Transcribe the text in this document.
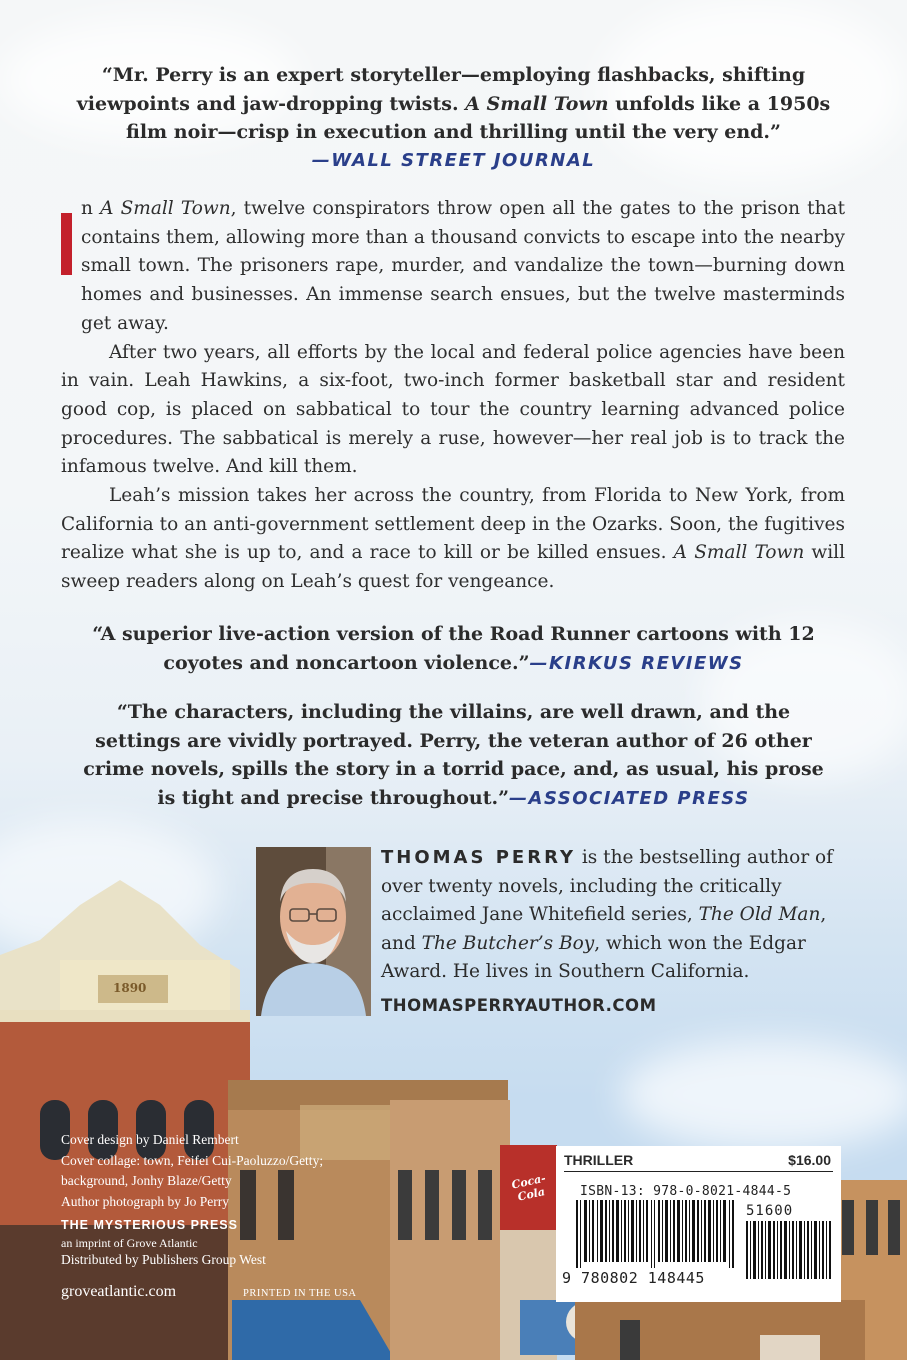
1890
Coca-Cola
“Mr. Perry is an expert storyteller—employing flashbacks, shifting
viewpoints and jaw-dropping twists. A Small Town unfolds like a 1950s
film noir—crisp in execution and thrilling until the very end.”
—WALL STREET JOURNAL

n A Small Town, twelve conspirators throw open all the gates to the prison that contains them, allowing more than a thousand convicts to escape into the nearby small town. The prisoners rape, murder, and vandalize the town—burning down homes and businesses. An immense search ensues, but the twelve masterminds get away.

After two years, all efforts by the local and federal police agencies have been in vain. Leah Hawkins, a six-foot, two-inch former basketball star and resident good cop, is placed on sabbatical to tour the country learning advanced police procedures. The sabbatical is merely a ruse, however—her real job is to track the infamous twelve. And kill them.

Leah’s mission takes her across the country, from Florida to New York, from California to an anti-government settlement deep in the Ozarks. Soon, the fugitives realize what she is up to, and a race to kill or be killed ensues. A Small Town will sweep readers along on Leah’s quest for vengeance.

“A superior live-action version of the Road Runner cartoons with 12
coyotes and noncartoon violence.”—KIRKUS REVIEWS
“The characters, including the villains, are well drawn, and the
settings are vividly portrayed. Perry, the veteran author of 26 other
crime novels, spills the story in a torrid pace, and, as usual, his prose
is tight and precise throughout.”—ASSOCIATED PRESS
THOMAS PERRY is the bestselling author of over twenty novels, including the critically acclaimed Jane Whitefield series, The Old Man, and The Butcher’s Boy, which won the Edgar Award. He lives in Southern California.
THOMASPERRYAUTHOR.COM
Cover design by Daniel Rembert
Cover collage: town, Feifei Cui-Paoluzzo/Getty;
background, Jonhy Blaze/Getty
Author photograph by Jo Perry
THE MYSTERIOUS PRESS
an imprint of Grove Atlantic
Distributed by Publishers Group West
groveatlantic.com	PRINTED IN THE USA
THRILLER	$16.00
ISBN-13: 978-0-8021-4844-5
51600
9 780802 148445
